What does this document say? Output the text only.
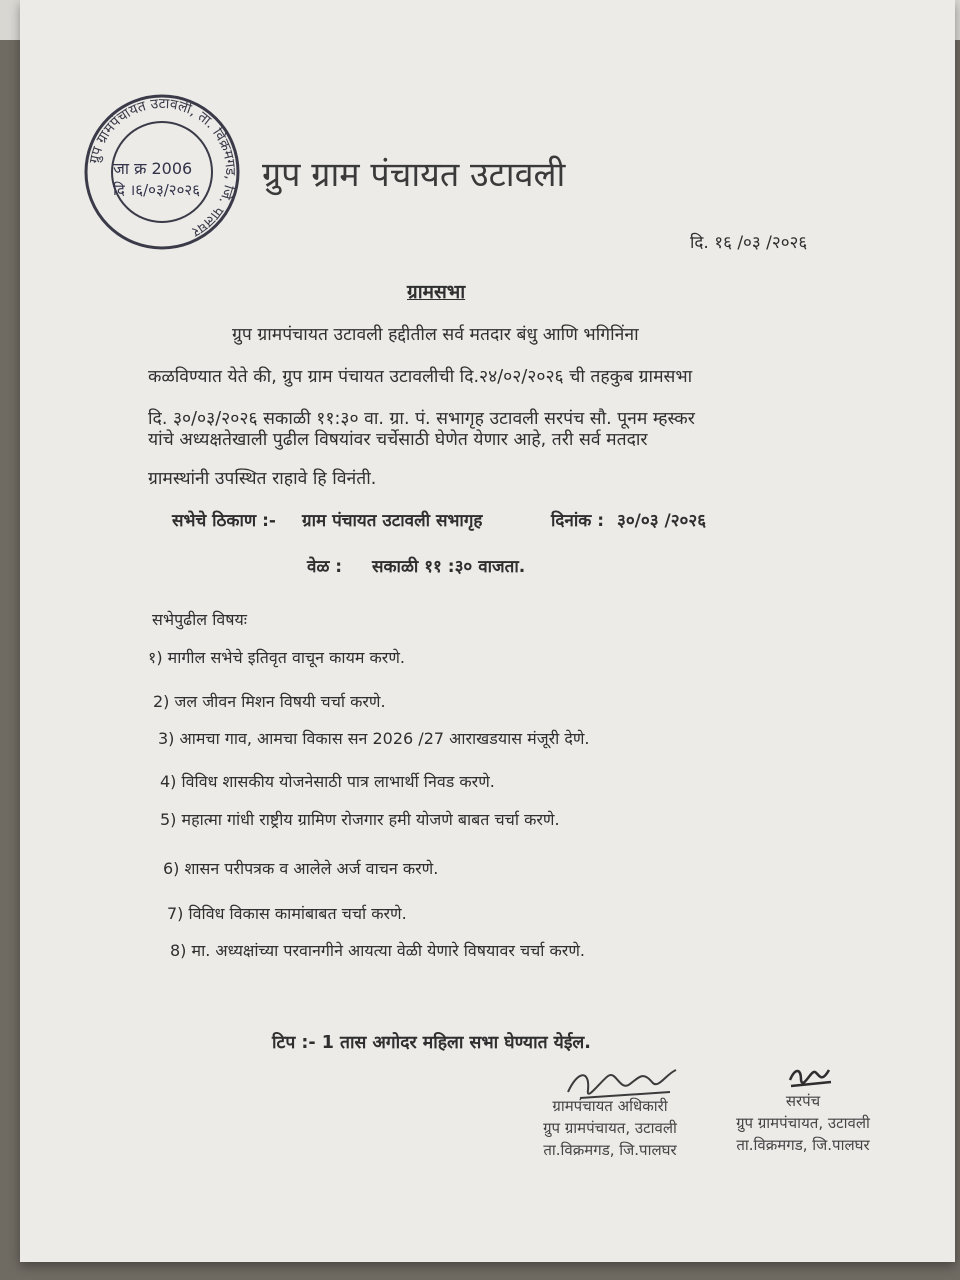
ग्रुप ग्रामपंचायत उटावली, ता. विक्रमगड, जि. पालघर
जा क्र 2006
दि ।६/०३/२०२६ ग्रुप ग्राम पंचायत उटावली
दि. १६ /०३ /२०२६
ग्रामसभा
ग्रुप ग्रामपंचायत उटावली हद्दीतील सर्व मतदार बंधु आणि भगिनिंना
कळविण्यात येते की, ग्रुप ग्राम पंचायत उटावलीची दि.२४/०२/२०२६ ची तहकुब ग्रामसभा
दि. ३०/०३/२०२६ सकाळी ११:३० वा. ग्रा. पं. सभागृह उटावली सरपंच सौ. पूनम म्हस्कर
यांचे अध्यक्षतेखाली पुढील विषयांवर चर्चेसाठी घेणेत येणार आहे, तरी सर्व मतदार
ग्रामस्थांनी उपस्थित राहावे हि विनंती.
सभेचे ठिकाण :- ग्राम पंचायत उटावली सभागृह	दिनांक : ३०/०३ /२०२६
वेळ : सकाळी ११ :३० वाजता.
सभेपुढील विषयः
१) मागील सभेचे इतिवृत वाचून कायम करणे.
2) जल जीवन मिशन विषयी चर्चा करणे.
3) आमचा गाव, आमचा विकास सन 2026 /27 आराखडयास मंजूरी देणे.
4) विविध शासकीय योजनेसाठी पात्र लाभार्थी निवड करणे.
5) महात्मा गांधी राष्ट्रीय ग्रामिण रोजगार हमी योजणे बाबत चर्चा करणे.
6) शासन परीपत्रक व आलेले अर्ज वाचन करणे.
7) विविध विकास कामांबाबत चर्चा करणे.
8) मा. अध्यक्षांच्या परवानगीने आयत्या वेळी येणारे विषयावर चर्चा करणे.
टिप :- 1 तास अगोदर महिला सभा घेण्यात येईल.
ग्रामपंचायत अधिकारी
ग्रुप ग्रामपंचायत, उटावली
ता.विक्रमगड, जि.पालघर
सरपंच
ग्रुप ग्रामपंचायत, उटावली
ता.विक्रमगड, जि.पालघर
